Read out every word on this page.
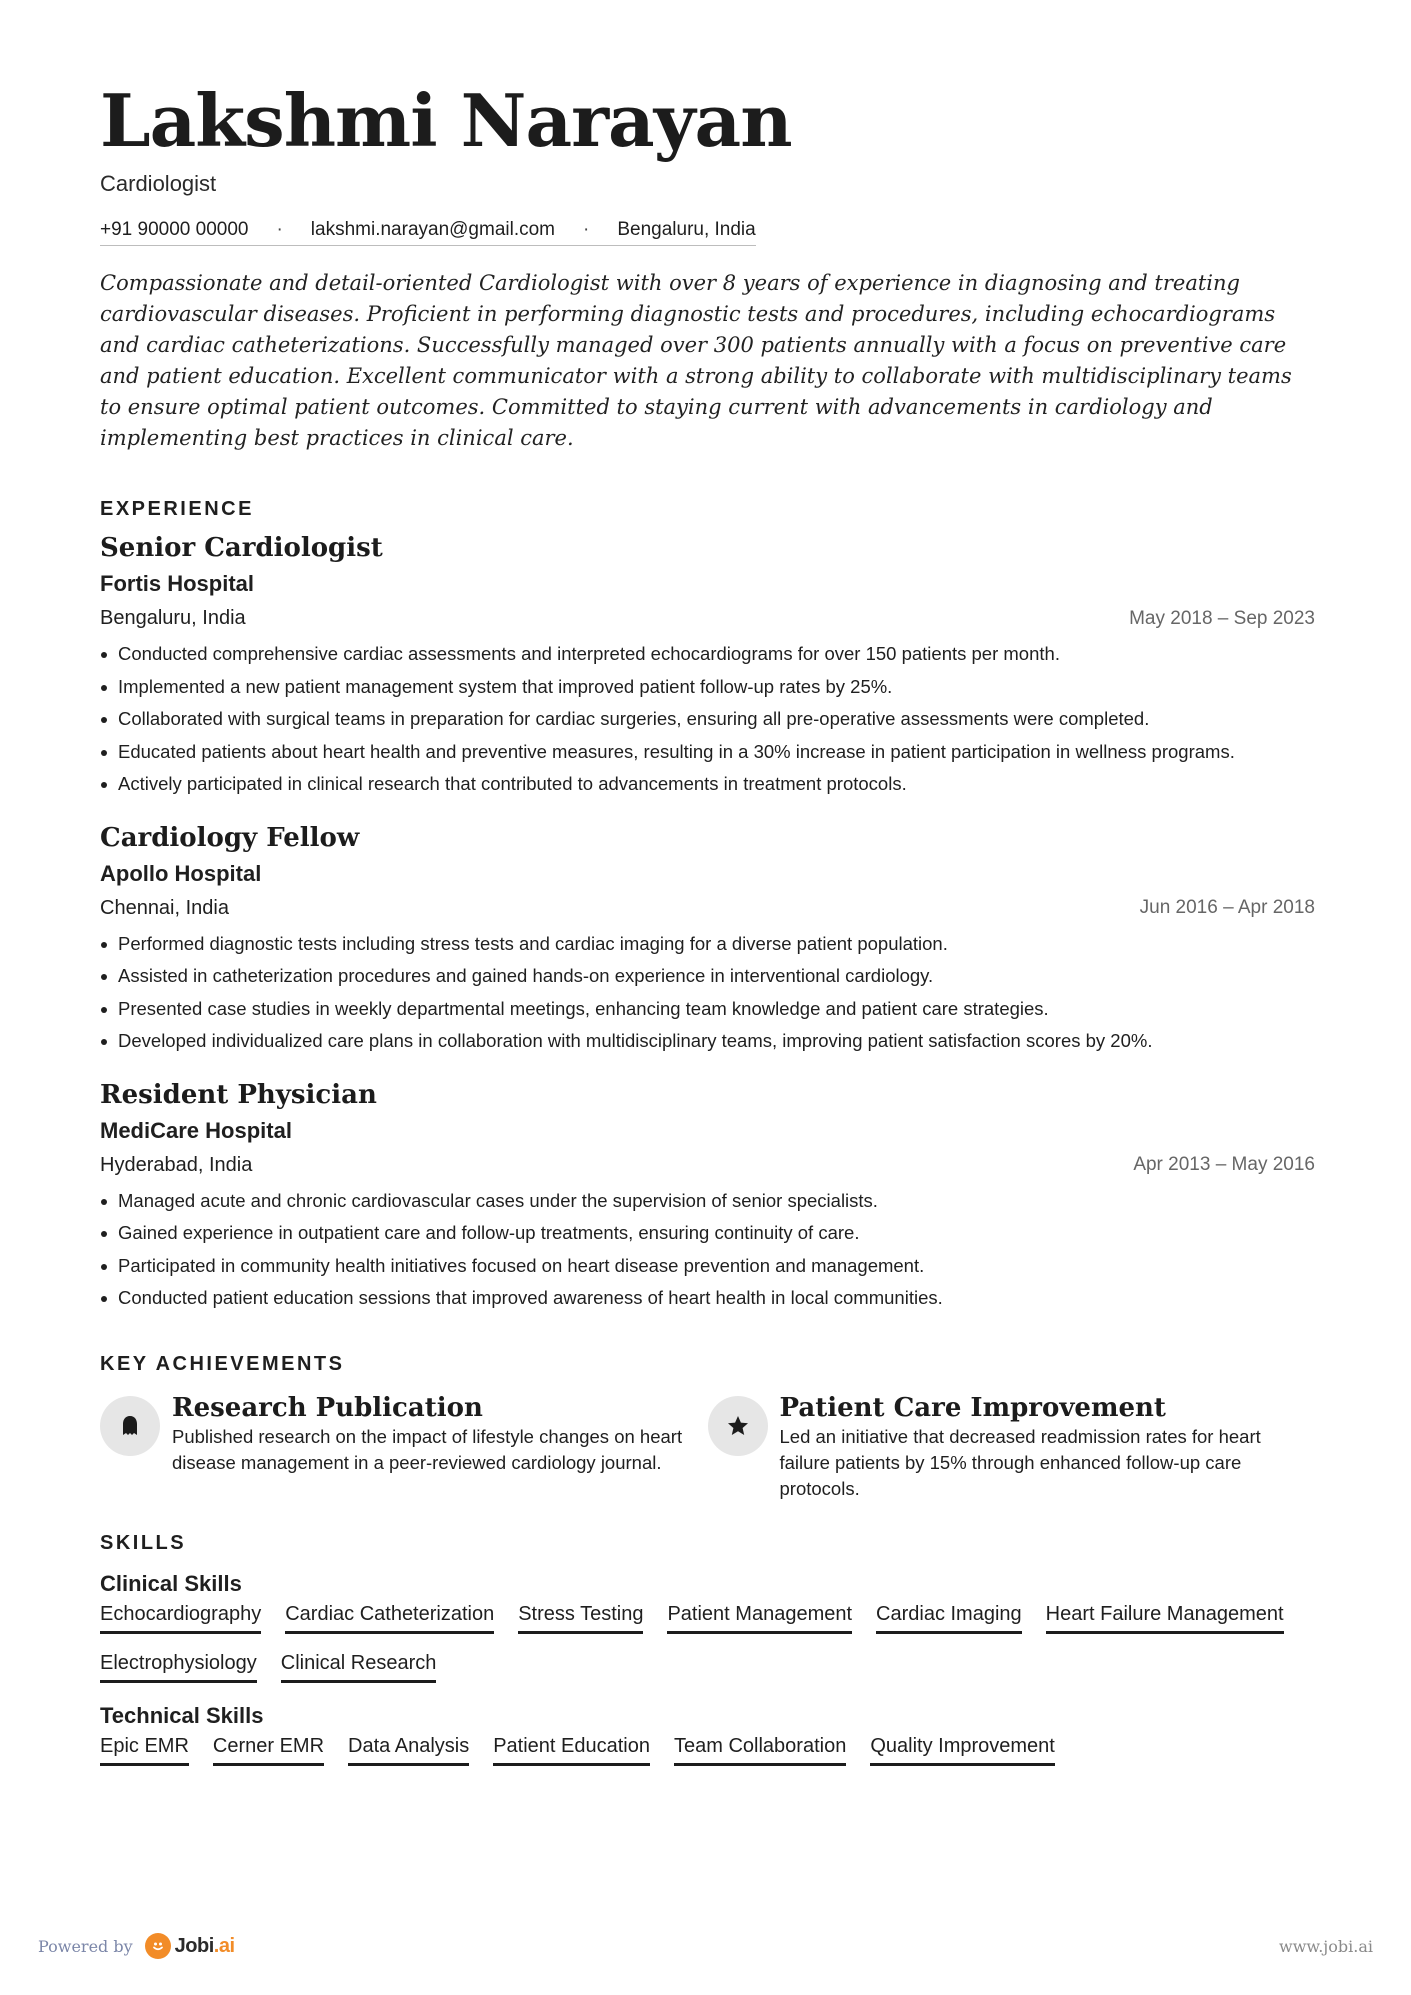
Lakshmi Narayan
Cardiologist
+91 90000 00000 · lakshmi.narayan@gmail.com · Bengaluru, India
Compassionate and detail-oriented Cardiologist with over 8 years of experience in diagnosing and treating cardiovascular diseases. Proficient in performing diagnostic tests and procedures, including echocardiograms and cardiac catheterizations. Successfully managed over 300 patients annually with a focus on preventive care and patient education. Excellent communicator with a strong ability to collaborate with multidisciplinary teams to ensure optimal patient outcomes. Committed to staying current with advancements in cardiology and implementing best practices in clinical care.
EXPERIENCE
Senior Cardiologist
Fortis Hospital
Bengaluru, India	May 2018 – Sep 2023
Conducted comprehensive cardiac assessments and interpreted echocardiograms for over 150 patients per month.
Implemented a new patient management system that improved patient follow-up rates by 25%.
Collaborated with surgical teams in preparation for cardiac surgeries, ensuring all pre-operative assessments were completed.
Educated patients about heart health and preventive measures, resulting in a 30% increase in patient participation in wellness programs.
Actively participated in clinical research that contributed to advancements in treatment protocols.
Cardiology Fellow
Apollo Hospital
Chennai, India	Jun 2016 – Apr 2018
Performed diagnostic tests including stress tests and cardiac imaging for a diverse patient population.
Assisted in catheterization procedures and gained hands-on experience in interventional cardiology.
Presented case studies in weekly departmental meetings, enhancing team knowledge and patient care strategies.
Developed individualized care plans in collaboration with multidisciplinary teams, improving patient satisfaction scores by 20%.
Resident Physician
MediCare Hospital
Hyderabad, India	Apr 2013 – May 2016
Managed acute and chronic cardiovascular cases under the supervision of senior specialists.
Gained experience in outpatient care and follow-up treatments, ensuring continuity of care.
Participated in community health initiatives focused on heart disease prevention and management.
Conducted patient education sessions that improved awareness of heart health in local communities.
KEY ACHIEVEMENTS
Research Publication
Published research on the impact of lifestyle changes on heart disease management in a peer-reviewed cardiology journal.
Patient Care Improvement
Led an initiative that decreased readmission rates for heart failure patients by 15% through enhanced follow-up care protocols.
SKILLS
Clinical Skills
Echocardiography Cardiac Catheterization Stress Testing Patient Management Cardiac Imaging Heart Failure Management
Electrophysiology Clinical Research
Technical Skills
Epic EMR Cerner EMR Data Analysis Patient Education Team Collaboration Quality Improvement
Powered by Jobi.ai	www.jobi.ai
